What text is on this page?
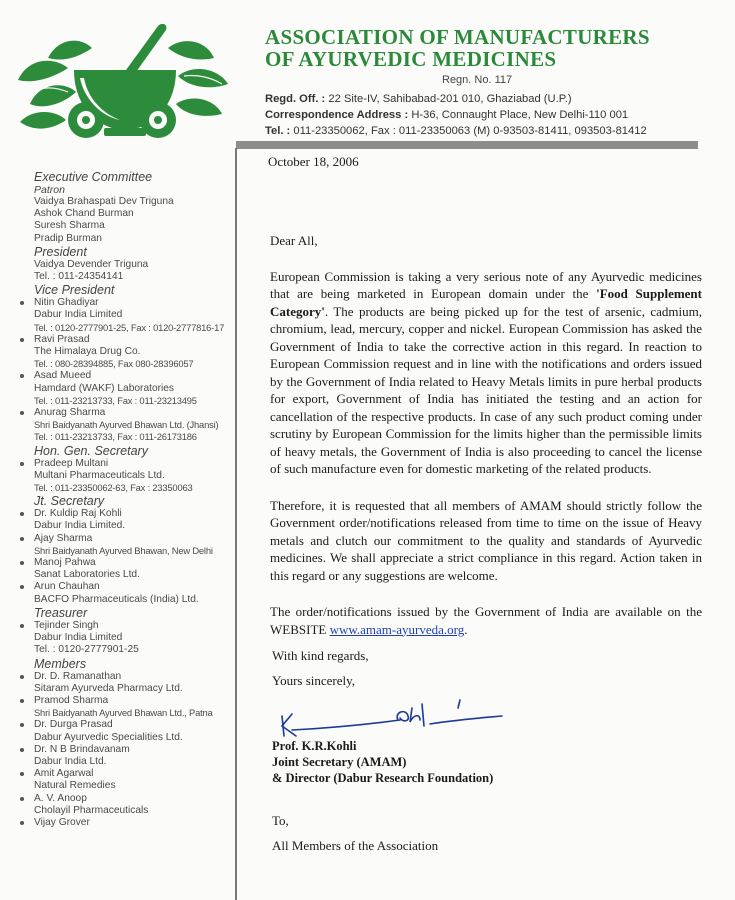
ASSOCIATION OF MANUFACTURERS
OF AYURVEDIC MEDICINES
Regn. No. 117
Regd. Off. : 22 Site-IV, Sahibabad-201 010, Ghaziabad (U.P.)
Correspondence Address : H-36, Connaught Place, New Delhi-110 001
Tel. : 011-23350062, Fax : 011-23350063 (M) 0-93503-81411, 093503-81412
October 18, 2006
Executive Committee
Patron
Vaidya Brahaspati Dev Triguna
Ashok Chand Burman
Suresh Sharma
Pradip Burman
President
Vaidya Devender Triguna
Tel. : 011-24354141
Vice President
Nitin Ghadiyar
Dabur India Limited
Tel. : 0120-2777901-25, Fax : 0120-2777816-17
Ravi Prasad
The Himalaya Drug Co.
Tel. : 080-28394885, Fax 080-28396057
Asad Mueed
Hamdard (WAKF) Laboratories
Tel. : 011-23213733, Fax : 011-23213495
Anurag Sharma
Shri Baidyanath Ayurved Bhawan Ltd. (Jhansi)
Tel. : 011-23213733, Fax : 011-26173186
Hon. Gen. Secretary
Pradeep Multani
Multani Pharmaceuticals Ltd.
Tel. : 011-23350062-63, Fax : 23350063
Jt. Secretary
Dr. Kuldip Raj Kohli
Dabur India Limited.
Ajay Sharma
Shri Baidyanath Ayurved Bhawan, New Delhi
Manoj Pahwa
Sanat Laboratories Ltd.
Arun Chauhan
BACFO Pharmaceuticals (India) Ltd.
Treasurer
Tejinder Singh
Dabur India Limited
Tel. : 0120-2777901-25
Members
Dr. D. Ramanathan
Sitaram Ayurveda Pharmacy Ltd.
Pramod Sharma
Shri Baidyanath Ayurved Bhawan Ltd., Patna
Dr. Durga Prasad
Dabur Ayurvedic Specialities Ltd.
Dr. N B Brindavanam
Dabur India Ltd.
Amit Agarwal
Natural Remedies
A. V. Anoop
Cholayil Pharmaceuticals
Vijay Grover

Dear All,

European Commission is taking a very serious note of any Ayurvedic medicines that are being marketed in European domain under the 'Food Supplement Category'. The products are being picked up for the test of arsenic, cadmium, chromium, lead, mercury, copper and nickel. European Commission has asked the Government of India to take the corrective action in this regard. In reaction to European Commission request and in line with the notifications and orders issued by the Government of India related to Heavy Metals limits in pure herbal products for export, Government of India has initiated the testing and an action for cancellation of the respective products. In case of any such product coming under scrutiny by European Commission for the limits higher than the permissible limits of heavy metals, the Government of India is also proceeding to cancel the license of such manufacture even for domestic marketing of the related products.

Therefore, it is requested that all members of AMAM should strictly follow the Government order/notifications released from time to time on the issue of Heavy metals and clutch our commitment to the quality and standards of Ayurvedic medicines. We shall appreciate a strict compliance in this regard. Action taken in this regard or any suggestions are welcome.

The order/notifications issued by the Government of India are available on the WEBSITE www.amam-ayurveda.org.

With kind regards,
Yours sincerely,
Prof. K.R.Kohli
Joint Secretary (AMAM)
& Director (Dabur Research Foundation)
To,
All Members of the Association
